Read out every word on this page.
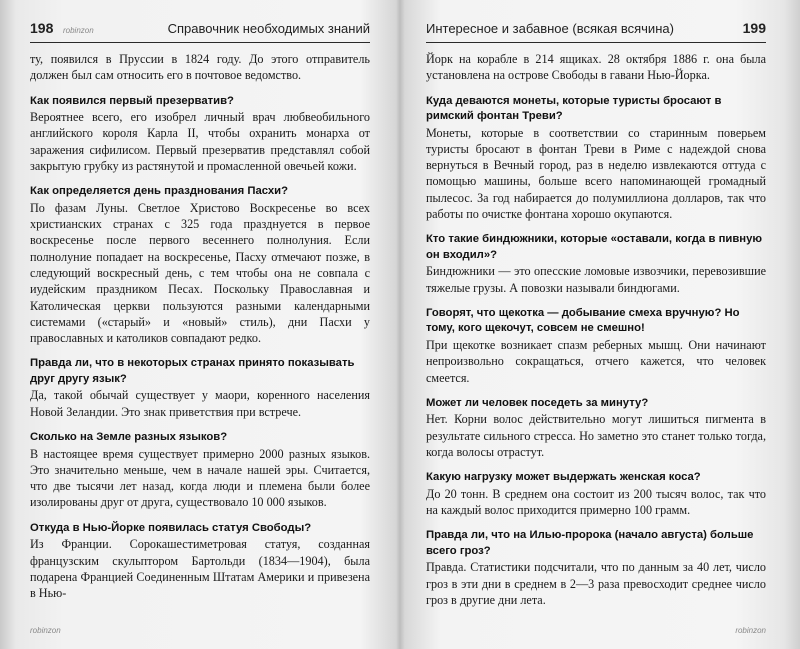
198 robinzon	Справочник необходимых знаний
ту, появился в Пруссии в 1824 году. До этого отправитель должен был сам относить его в почтовое ведомство.
Как появился первый презерватив?
Вероятнее всего, его изобрел личный врач любвеобильного английского короля Карла II, чтобы охранить монарха от заражения сифилисом. Первый презерватив представлял собой закрытую грубку из растянутой и промасленной овечьей кожи.
Как определяется день празднования Пасхи?
По фазам Луны. Светлое Христово Воскресенье во всех христианских странах с 325 года празднуется в первое воскресенье после первого весеннего полнолуния. Если полнолуние попадает на воскресенье, Пасху отмечают позже, в следующий воскресный день, с тем чтобы она не совпала с иудейским праздником Песах. Поскольку Православная и Католическая церкви пользуются разными календарными системами («старый» и «новый» стиль), дни Пасхи у православных и католиков совпадают редко.
Правда ли, что в некоторых странах принято показывать друг другу язык?
Да, такой обычай существует у маори, коренного населения Новой Зеландии. Это знак приветствия при встрече.
Сколько на Земле разных языков?
В настоящее время существует примерно 2000 разных языков. Это значительно меньше, чем в начале нашей эры. Считается, что две тысячи лет назад, когда люди и племена были более изолированы друг от друга, существовало 10 000 языков.
Откуда в Нью-Йорке появилась статуя Свободы?
Из Франции. Сорокашестиметровая статуя, созданная французским скульптором Бартольди (1834—1904), была подарена Францией Соединенным Штатам Америки и привезена в Нью-
robinzon
Интересное и забавное (всякая всячина)	199
Йорк на корабле в 214 ящиках. 28 октября 1886 г. она была установлена на острове Свободы в гавани Нью-Йорка.
Куда деваются монеты, которые туристы бросают в римский фонтан Треви?
Монеты, которые в соответствии со старинным поверьем туристы бросают в фонтан Треви в Риме с надеждой снова вернуться в Вечный город, раз в неделю извлекаются оттуда с помощью машины, больше всего напоминающей громадный пылесос. За год набирается до полумиллиона долларов, так что работы по очистке фонтана хорошо окупаются.
Кто такие биндюжники, которые «оставали, когда в пивную он входил»?
Биндюжники — это опесские ломовые извозчики, перевозившие тяжелые грузы. А повозки называли биндюгами.
Говорят, что щекотка — добывание смеха вручную? Но тому, кого щекочут, совсем не смешно!
При щекотке возникает спазм реберных мышц. Они начинают непроизвольно сокращаться, отчего кажется, что человек смеется.
Может ли человек поседеть за минуту?
Нет. Корни волос действительно могут лишиться пигмента в результате сильного стресса. Но заметно это станет только тогда, когда волосы отрастут.
Какую нагрузку может выдержать женская коса?
До 20 тонн. В среднем она состоит из 200 тысяч волос, так что на каждый волос приходится примерно 100 грамм.
Правда ли, что на Илью-пророка (начало августа) больше всего гроз?
Правда. Статистики подсчитали, что по данным за 40 лет, число гроз в эти дни в среднем в 2—3 раза превосходит среднее число гроз в другие дни лета.
robinzon
